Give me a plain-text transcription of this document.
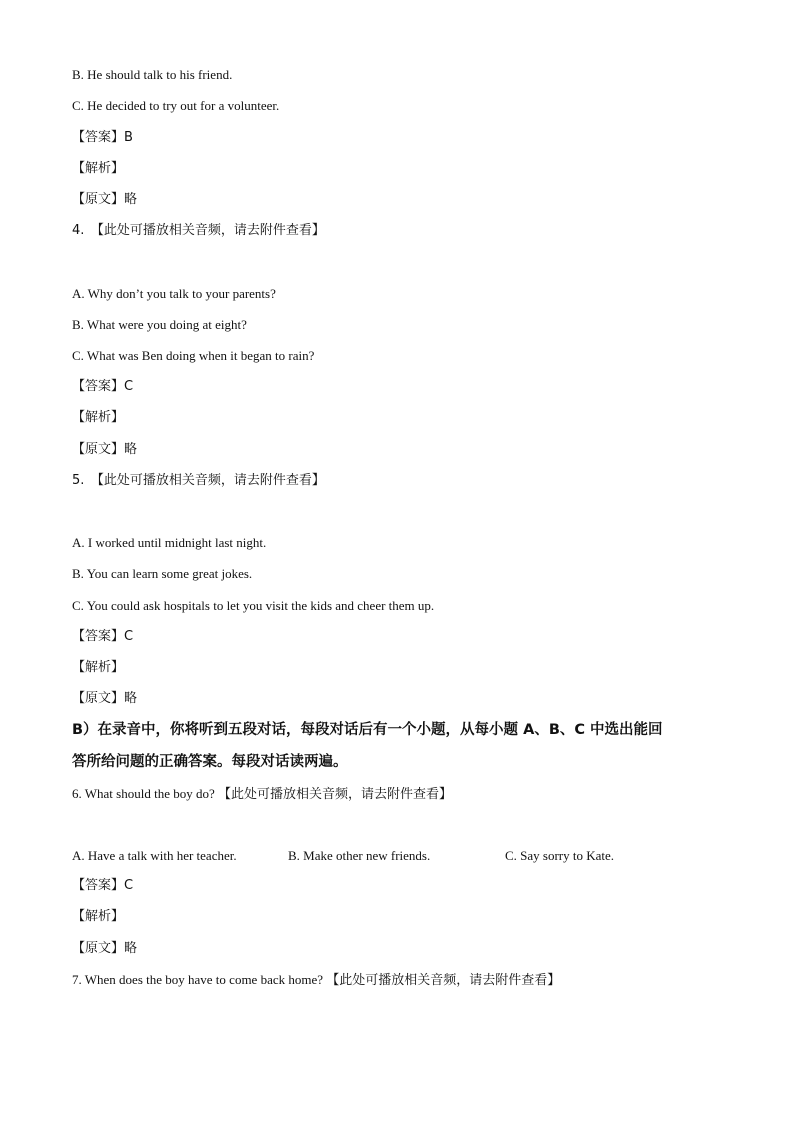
B. He should talk to his friend.
C. He decided to try out for a volunteer.
【答案】B
【解析】
【原文】略
4.　【此处可播放相关音频，请去附件查看】
A. Why don’t you talk to your parents?
B. What were you doing at eight?
C. What was Ben doing when it began to rain?
【答案】C
【解析】
【原文】略
5.　【此处可播放相关音频，请去附件查看】
A. I worked until midnight last night.
B. You can learn some great jokes.
C. You could ask hospitals to let you visit the kids and cheer them up.
【答案】C
【解析】
【原文】略
B）在录音中，你将听到五段对话，每段对话后有一个小题，从每小题 A、B、C 中选出能回
答所给问题的正确答案。每段对话读两遍。
6. What should the boy do? 【此处可播放相关音频，请去附件查看】
A. Have a talk with her teacher.	B. Make other new friends.	C. Say sorry to Kate.
【答案】C
【解析】
【原文】略
7. When does the boy have to come back home? 【此处可播放相关音频，请去附件查看】
